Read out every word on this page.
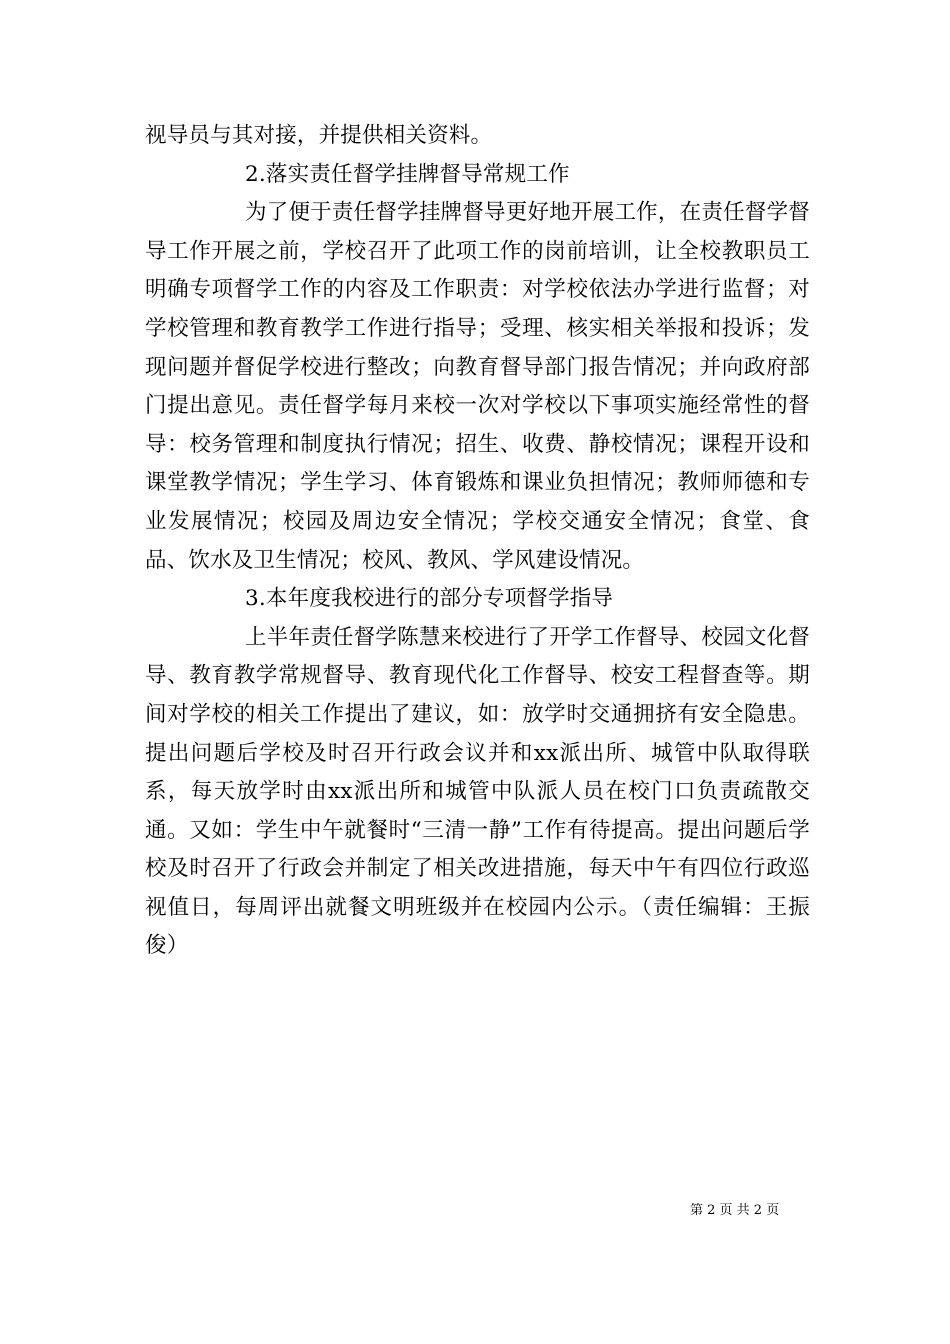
视导员与其对接，并提供相关资料。

2.落实责任督学挂牌督导常规工作

为了便于责任督学挂牌督导更好地开展工作，在责任督学督导工作开展之前，学校召开了此项工作的岗前培训，让全校教职员工明确专项督学工作的内容及工作职责：对学校依法办学进行监督；对学校管理和教育教学工作进行指导；受理、核实相关举报和投诉；发现问题并督促学校进行整改；向教育督导部门报告情况；并向政府部门提出意见。责任督学每月来校一次对学校以下事项实施经常性的督导：校务管理和制度执行情况；招生、收费、静校情况；课程开设和课堂教学情况；学生学习、体育锻炼和课业负担情况；教师师德和专业发展情况；校园及周边安全情况；学校交通安全情况；食堂、食品、饮水及卫生情况；校风、教风、学风建设情况。

3.本年度我校进行的部分专项督学指导

上半年责任督学陈慧来校进行了开学工作督导、校园文化督导、教育教学常规督导、教育现代化工作督导、校安工程督查等。期间对学校的相关工作提出了建议，如：放学时交通拥挤有安全隐患。提出问题后学校及时召开行政会议并和xx派出所、城管中队取得联系，每天放学时由xx派出所和城管中队派人员在校门口负责疏散交通。又如：学生中午就餐时“三清一静”工作有待提高。提出问题后学校及时召开了行政会并制定了相关改进措施，每天中午有四位行政巡视值日，每周评出就餐文明班级并在校园内公示。（责任编辑：王振俊）

第 2 页 共 2 页
